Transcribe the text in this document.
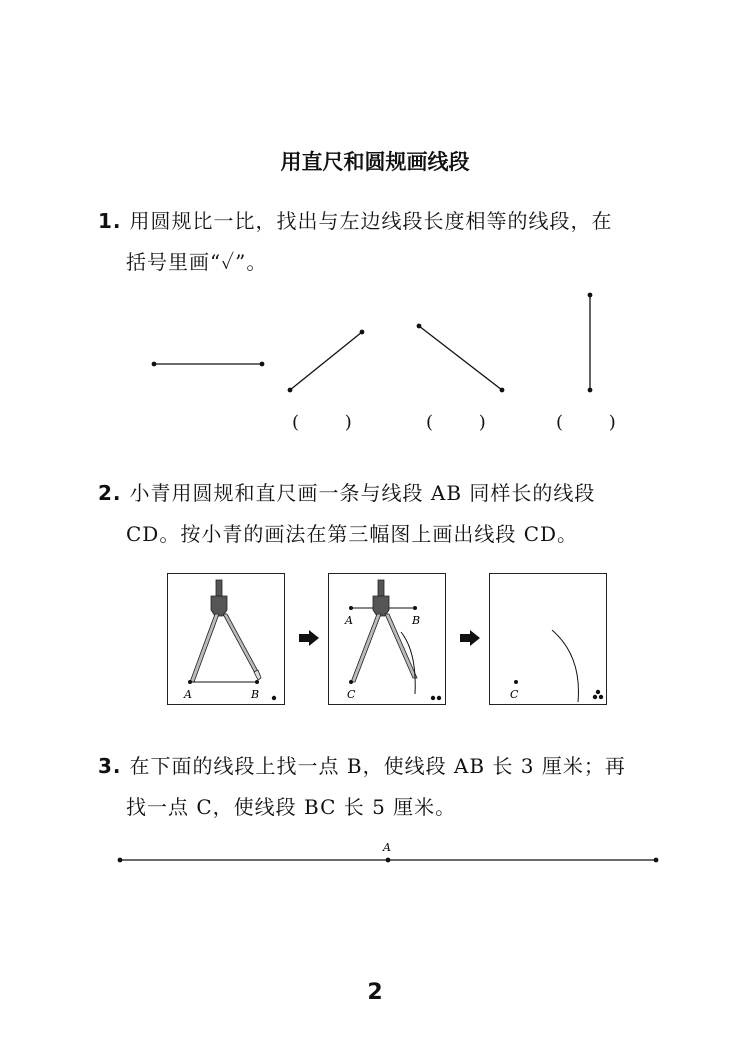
用直尺和圆规画线段
1. 用圆规比一比，找出与左边线段长度相等的线段，在
括号里画“✓”。
(        )	(        )	(        )
2. 小青用圆规和直尺画一条与线段 AB 同样长的线段
CD。按小青的画法在第三幅图上画出线段 CD。
A	B
A	B
C	C
3. 在下面的线段上找一点 B，使线段 AB 长 3 厘米；再
找一点 C，使线段 BC 长 5 厘米。
A
2
